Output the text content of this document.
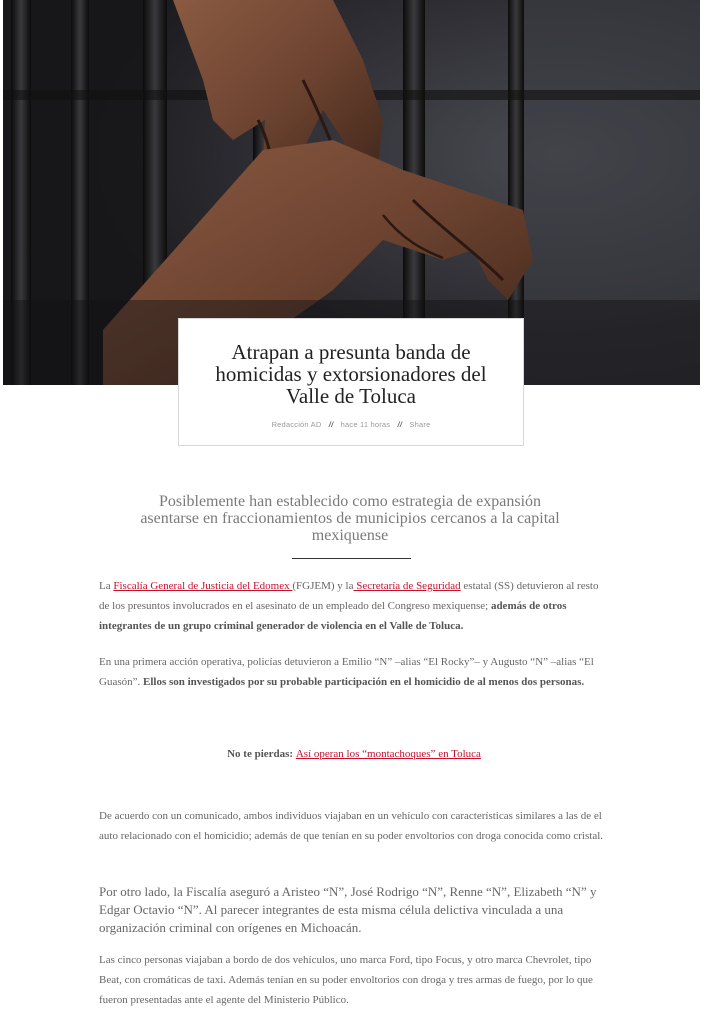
Atrapan a presunta banda de homicidas y extorsionadores del Valle de Toluca
Redacción AD // hace 11 horas // Share
Posiblemente han establecido como estrategia de expansión asentarse en fraccionamientos de municipios cercanos a la capital mexiquense
La Fiscalía General de Justicia del Edomex (FGJEM) y la Secretaría de Seguridad estatal (SS) detuvieron al resto de los presuntos involucrados en el asesinato de un empleado del Congreso mexiquense; además de otros integrantes de un grupo criminal generador de violencia en el Valle de Toluca.
En una primera acción operativa, policías detuvieron a Emilio “N” –alias “El Rocky”– y Augusto “N” –alias “El Guasón”. Ellos son investigados por su probable participación en el homicidio de al menos dos personas.
No te pierdas: Así operan los “montachoques” en Toluca
De acuerdo con un comunicado, ambos individuos viajaban en un vehículo con características similares a las de el auto relacionado con el homicidio; además de que tenían en su poder envoltorios con droga conocida como cristal.
Por otro lado, la Fiscalía aseguró a Aristeo “N”, José Rodrigo “N”, Renne “N”, Elizabeth “N” y Edgar Octavio “N”. Al parecer integrantes de esta misma célula delictiva vinculada a una organización criminal con orígenes en Michoacán.
Las cinco personas viajaban a bordo de dos vehículos, uno marca Ford, tipo Focus, y otro marca Chevrolet, tipo Beat, con cromáticas de taxi. Además tenían en su poder envoltorios con droga y tres armas de fuego, por lo que fueron presentadas ante el agente del Ministerio Público.
